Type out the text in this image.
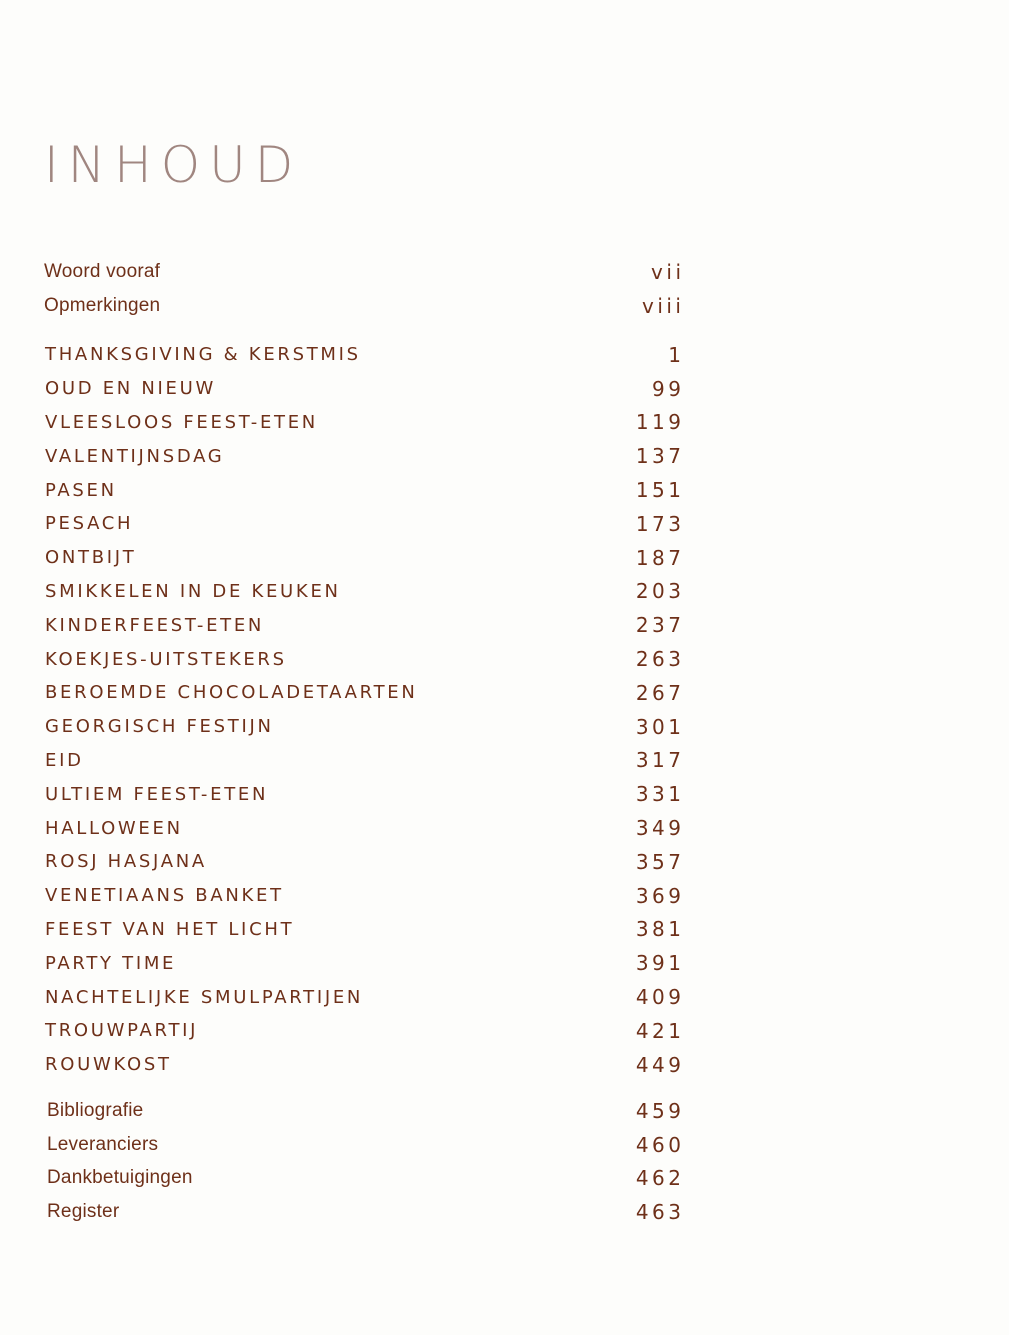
INHOUD
Woord vooraf	vii
Opmerkingen	viii
THANKSGIVING & KERSTMIS	1
OUD EN NIEUW	99
VLEESLOOS FEEST-ETEN	119
VALENTIJNSDAG	137
PASEN	151
PESACH	173
ONTBIJT	187
SMIKKELEN IN DE KEUKEN	203
KINDERFEEST-ETEN	237
KOEKJES-UITSTEKERS	263
BEROEMDE CHOCOLADETAARTEN	267
GEORGISCH FESTIJN	301
EID	317
ULTIEM FEEST-ETEN	331
HALLOWEEN	349
ROSJ HASJANA	357
VENETIAANS BANKET	369
FEEST VAN HET LICHT	381
PARTY TIME	391
NACHTELIJKE SMULPARTIJEN	409
TROUWPARTIJ	421
ROUWKOST	449
Bibliografie	459
Leveranciers	460
Dankbetuigingen	462
Register	463
